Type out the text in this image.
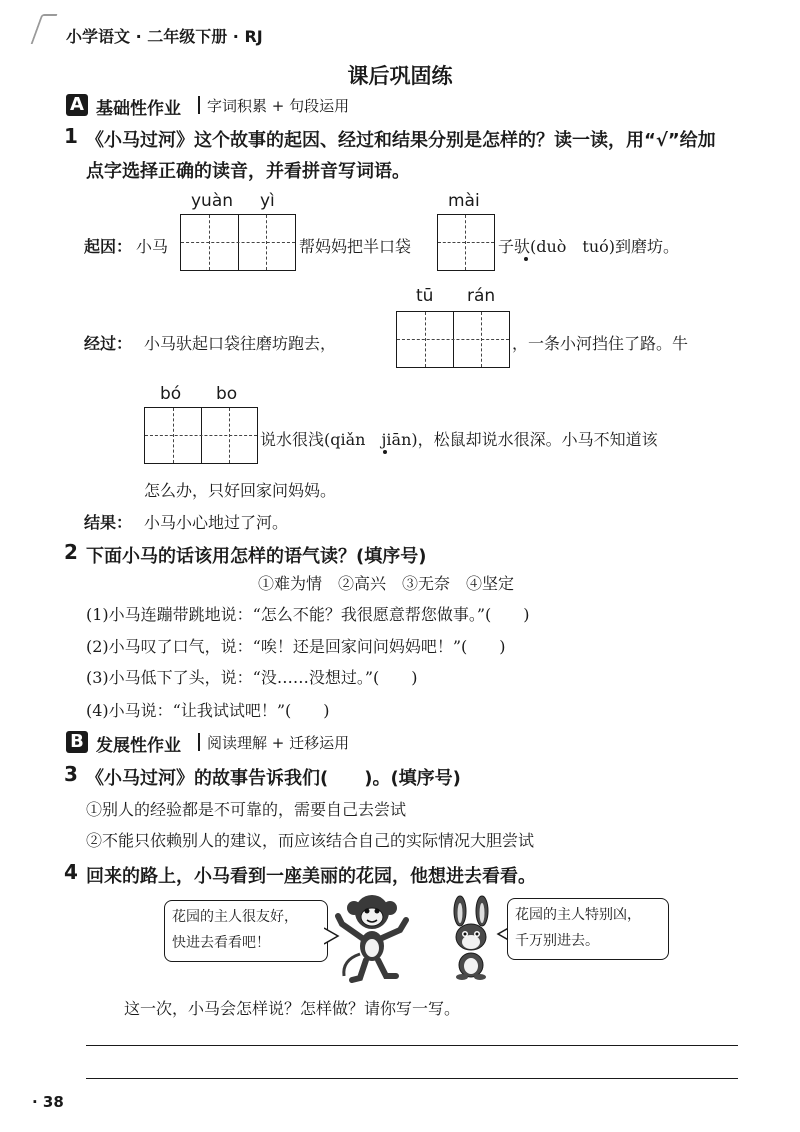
小学语文 · 二年级下册 · RJ
课后巩固练
A 基础性作业 字词积累 + 句段运用
1 《小马过河》这个故事的起因、经过和结果分别是怎样的？读一读，用“√”给加
点字选择正确的读音，并看拼音写词语。
yuàn yì	mài
起因： 小马	帮妈妈把半口袋	子驮(duò　tuó)到磨坊。
tū rán
经过： 小马驮起口袋往磨坊跑去，	，一条小河挡住了路。牛
bó bo
说水很浅(qiǎn　jiān)，松鼠却说水很深。小马不知道该
怎么办，只好回家问妈妈。
结果： 小马小心地过了河。
2 下面小马的话该用怎样的语气读？(填序号)
①难为情　②高兴　③无奈　④坚定
(1)小马连蹦带跳地说：“怎么不能？我很愿意帮您做事。”(　　)
(2)小马叹了口气，说：“唉！还是回家问问妈妈吧！”(　　)
(3)小马低下了头，说：“没……没想过。”(　　)
(4)小马说：“让我试试吧！”(　　)
B 发展性作业 阅读理解 + 迁移运用
3 《小马过河》的故事告诉我们(　　)。(填序号)
①别人的经验都是不可靠的，需要自己去尝试
②不能只依赖别人的建议，而应该结合自己的实际情况大胆尝试
4 回来的路上，小马看到一座美丽的花园，他想进去看看。
花园的主人很友好，
快进去看看吧！
花园的主人特别凶，
千万别进去。
这一次，小马会怎样说？怎样做？请你写一写。
· 38
